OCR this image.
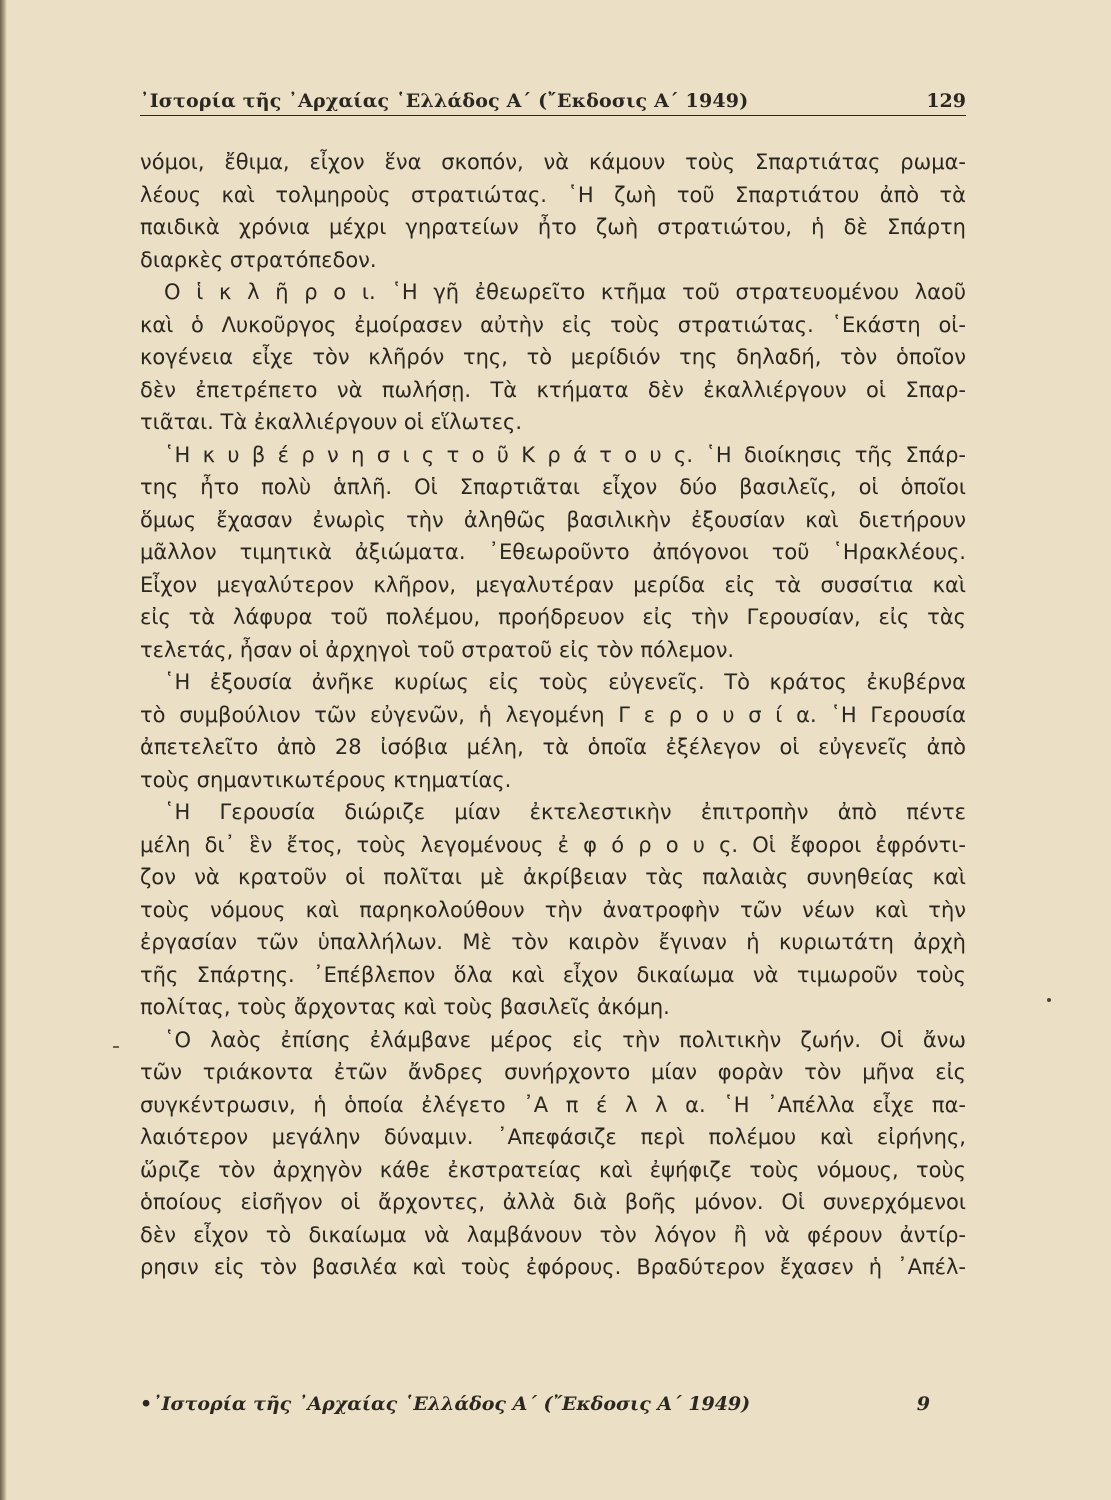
᾿Ιστορία τῆς ᾿Αρχαίας ῾Ελλάδος Α΄ (῎Εκδοσις Α΄ 1949)	129
νόμοι, ἔθιμα, εἶχον ἕνα σκοπόν, νὰ κάμουν τοὺς Σπαρτιάτας ρωμα-
λέους καὶ τολμηροὺς στρατιώτας. ῾Η ζωὴ τοῦ Σπαρτιάτου ἀπὸ τὰ
παιδικὰ χρόνια μέχρι γηρατείων ἦτο ζωὴ στρατιώτου, ἡ δὲ Σπάρτη
διαρκὲς στρατόπεδον.
Ο ἱ κ λ ῆ ρ ο ι. ῾Η γῆ ἐθεωρεῖτο κτῆμα τοῦ στρατευομένου λαοῦ
καὶ ὁ Λυκοῦργος ἐμοίρασεν αὐτὴν εἰς τοὺς στρατιώτας. ῾Εκάστη οἰ-
κογένεια εἶχε τὸν κλῆρόν της, τὸ μερίδιόν της δηλαδή, τὸν ὁποῖον
δὲν ἐπετρέπετο νὰ πωλήσῃ. Τὰ κτήματα δὲν ἐκαλλιέργουν οἱ Σπαρ-
τιᾶται. Τὰ ἐκαλλιέργουν οἱ εἵλωτες.
῾Η κ υ β έ ρ ν η σ ι ς τ ο ῦ Κ ρ ά τ ο υ ς. ῾Η διοίκησις τῆς Σπάρ-
της ἦτο πολὺ ἁπλῆ. Οἱ Σπαρτιᾶται εἶχον δύο βασιλεῖς, οἱ ὁποῖοι
ὅμως ἔχασαν ἐνωρὶς τὴν ἀληθῶς βασιλικὴν ἐξουσίαν καὶ διετήρουν
μᾶλλον τιμητικὰ ἀξιώματα. ᾿Εθεωροῦντο ἀπόγονοι τοῦ ῾Ηρακλέους.
Εἶχον μεγαλύτερον κλῆρον, μεγαλυτέραν μερίδα εἰς τὰ συσσίτια καὶ
εἰς τὰ λάφυρα τοῦ πολέμου, προήδρευον εἰς τὴν Γερουσίαν, εἰς τὰς
τελετάς, ἦσαν οἱ ἀρχηγοὶ τοῦ στρατοῦ εἰς τὸν πόλεμον.
῾Η ἐξουσία ἀνῆκε κυρίως εἰς τοὺς εὐγενεῖς. Τὸ κράτος ἐκυβέρνα
τὸ συμβούλιον τῶν εὐγενῶν, ἡ λεγομένη Γ ε ρ ο υ σ ί α. ῾Η Γερουσία
ἀπετελεῖτο ἀπὸ 28 ἰσόβια μέλη, τὰ ὁποῖα ἐξέλεγον οἱ εὐγενεῖς ἀπὸ
τοὺς σημαντικωτέρους κτηματίας.
῾Η Γερουσία διώριζε μίαν ἐκτελεστικὴν ἐπιτροπὴν ἀπὸ πέντε
μέλη δι᾿ ἓν ἔτος, τοὺς λεγομένους ἐ φ ό ρ ο υ ς. Οἱ ἔφοροι ἐφρόντι-
ζον νὰ κρατοῦν οἱ πολῖται μὲ ἀκρίβειαν τὰς παλαιὰς συνηθείας καὶ
τοὺς νόμους καὶ παρηκολούθουν τὴν ἀνατροφὴν τῶν νέων καὶ τὴν
ἐργασίαν τῶν ὑπαλλήλων. Μὲ τὸν καιρὸν ἔγιναν ἡ κυριωτάτη ἀρχὴ
τῆς Σπάρτης. ᾿Επέβλεπον ὅλα καὶ εἶχον δικαίωμα νὰ τιμωροῦν τοὺς
πολίτας, τοὺς ἄρχοντας καὶ τοὺς βασιλεῖς ἀκόμη.
῾Ο λαὸς ἐπίσης ἐλάμβανε μέρος εἰς τὴν πολιτικὴν ζωήν. Οἱ ἄνω
τῶν τριάκοντα ἐτῶν ἄνδρες συνήρχοντο μίαν φορὰν τὸν μῆνα εἰς
συγκέντρωσιν, ἡ ὁποία ἐλέγετο ᾿Α π έ λ λ α. ῾Η ᾿Απέλλα εἶχε πα-
λαιότερον μεγάλην δύναμιν. ᾿Απεφάσιζε περὶ πολέμου καὶ εἰρήνης,
ὥριζε τὸν ἀρχηγὸν κάθε ἐκστρατείας καὶ ἐψήφιζε τοὺς νόμους, τοὺς
ὁποίους εἰσῆγον οἱ ἄρχοντες, ἀλλὰ διὰ βοῆς μόνον. Οἱ συνερχόμενοι
δὲν εἶχον τὸ δικαίωμα νὰ λαμβάνουν τὸν λόγον ἢ νὰ φέρουν ἀντίρ-
ρησιν εἰς τὸν βασιλέα καὶ τοὺς ἐφόρους. Βραδύτερον ἔχασεν ἡ ᾿Απέλ-
•᾿Ιστορία τῆς ᾿Αρχαίας ῾Ελλάδος Α΄ (῎Εκδοσις Α΄ 1949)	9
